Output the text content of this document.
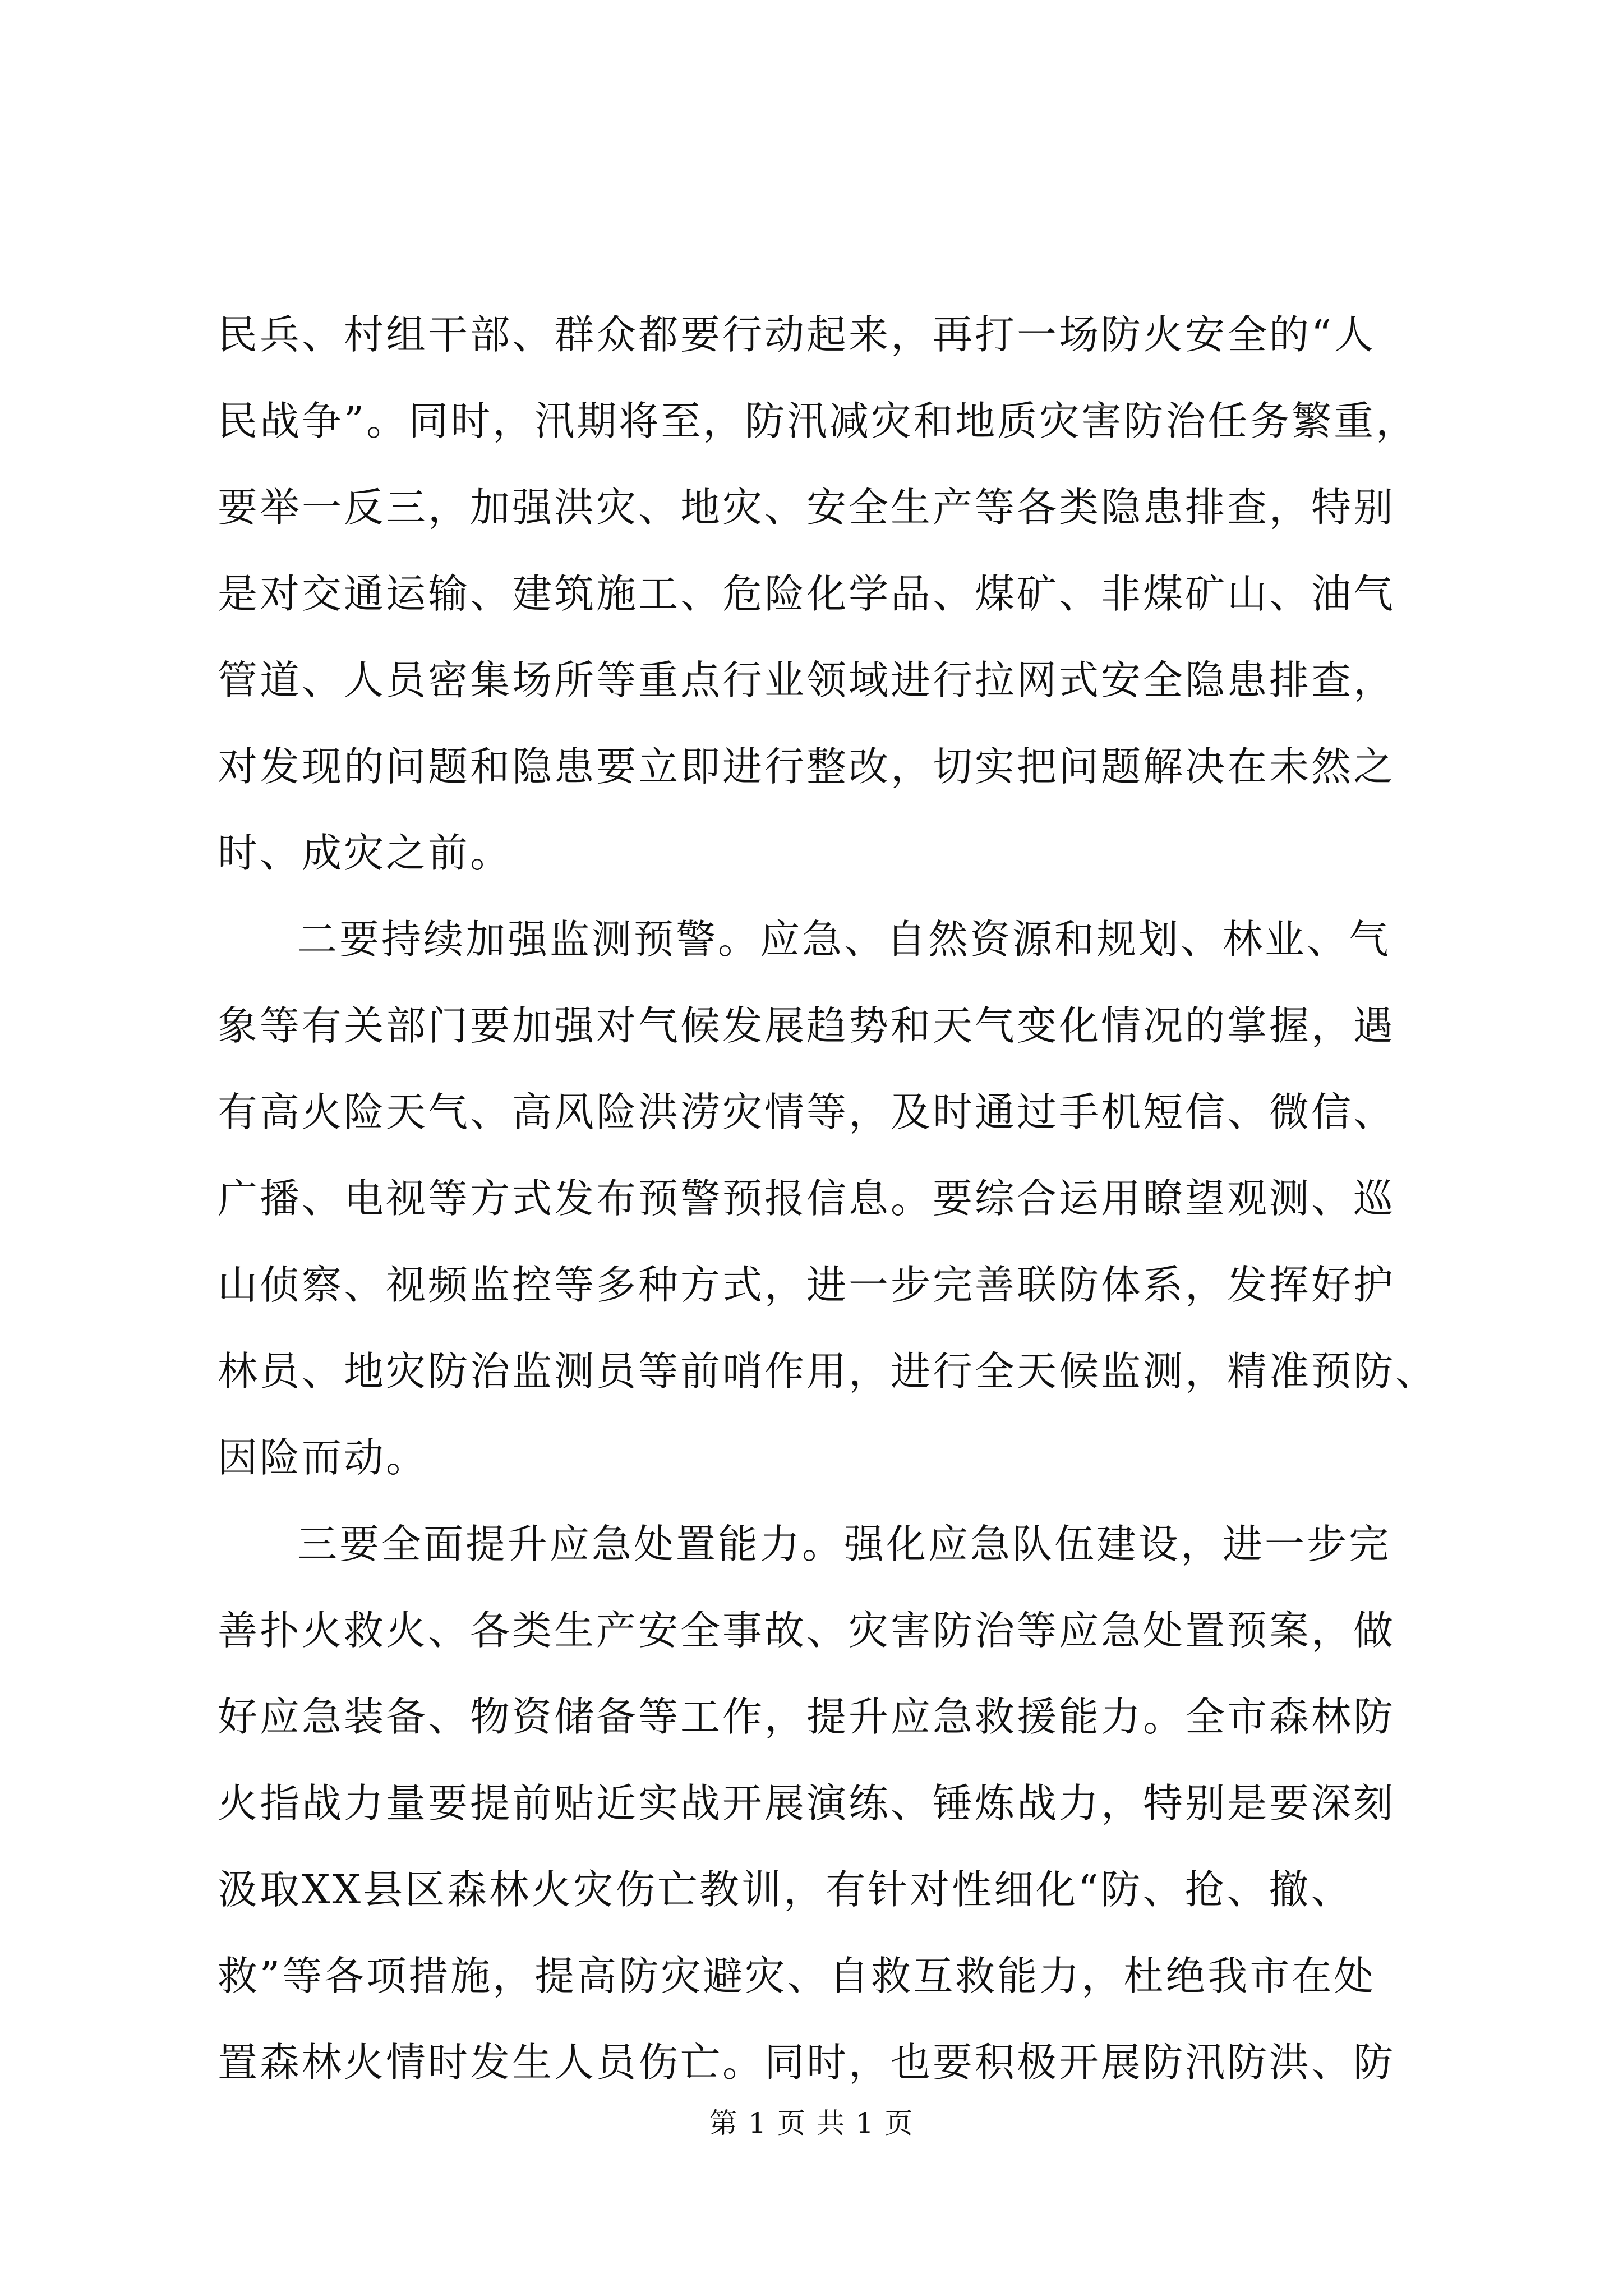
民兵、村组干部、群众都要行动起来，再打一场防火安全的“人
民战争”。同时，汛期将至，防汛减灾和地质灾害防治任务繁重，
要举一反三，加强洪灾、地灾、安全生产等各类隐患排查，特别
是对交通运输、建筑施工、危险化学品、煤矿、非煤矿山、油气
管道、人员密集场所等重点行业领域进行拉网式安全隐患排查，
对发现的问题和隐患要立即进行整改，切实把问题解决在未然之
时、成灾之前。
二要持续加强监测预警。应急、自然资源和规划、林业、气
象等有关部门要加强对气候发展趋势和天气变化情况的掌握，遇
有高火险天气、高风险洪涝灾情等，及时通过手机短信、微信、
广播、电视等方式发布预警预报信息。要综合运用瞭望观测、巡
山侦察、视频监控等多种方式，进一步完善联防体系，发挥好护
林员、地灾防治监测员等前哨作用，进行全天候监测，精准预防、
因险而动。
三要全面提升应急处置能力。强化应急队伍建设，进一步完
善扑火救火、各类生产安全事故、灾害防治等应急处置预案，做
好应急装备、物资储备等工作，提升应急救援能力。全市森林防
火指战力量要提前贴近实战开展演练、锤炼战力，特别是要深刻
汲取XX县区森林火灾伤亡教训，有针对性细化“防、抢、撤、
救”等各项措施，提高防灾避灾、自救互救能力，杜绝我市在处
置森林火情时发生人员伤亡。同时，也要积极开展防汛防洪、防
第 1 页 共 1 页
